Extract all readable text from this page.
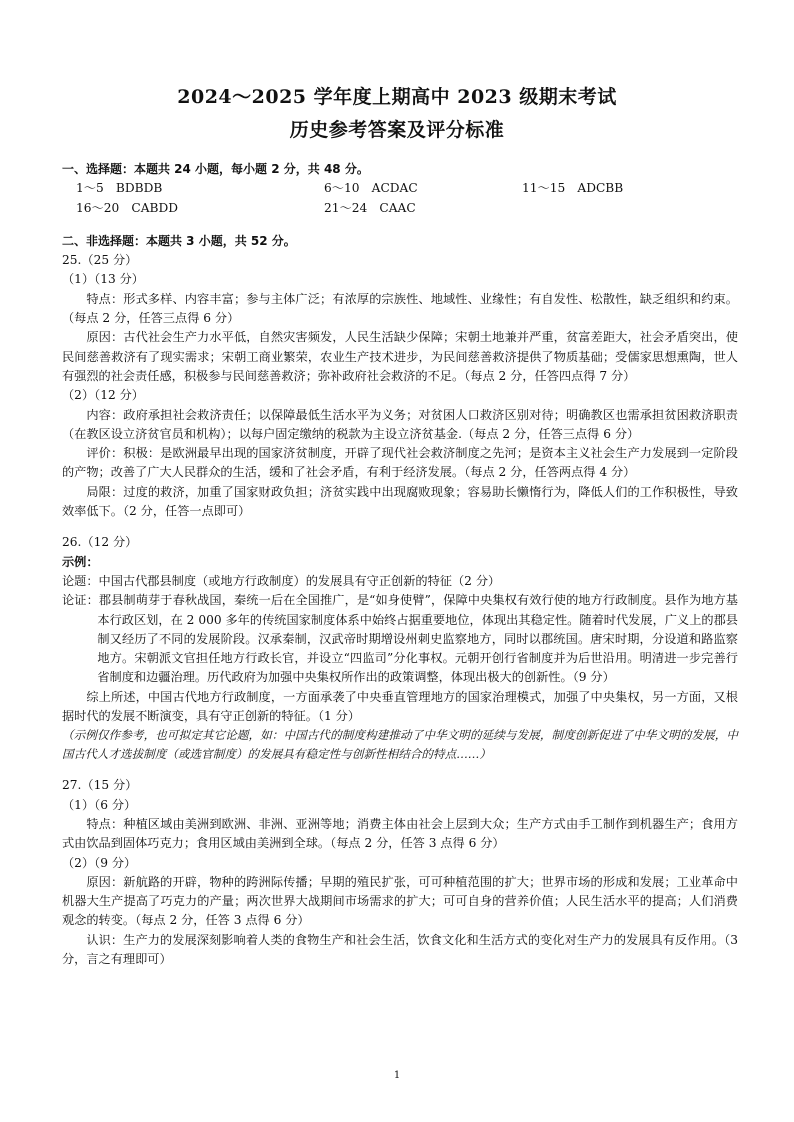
2024～2025 学年度上期高中 2023 级期末考试
历史参考答案及评分标准

一、选择题：本题共 24 小题，每小题 2 分，共 48 分。

1～5　BDBDB	6～10　ACDAC	11～15　ADCBB
16～20　CABDD	21～24　CAAC

二、非选择题：本题共 3 小题，共 52 分。

25.（25 分）

（1）（13 分）

特点：形式多样、内容丰富；参与主体广泛；有浓厚的宗族性、地域性、业缘性；有自发性、松散性，缺乏组织和约束。（每点 2 分，任答三点得 6 分）

原因：古代社会生产力水平低，自然灾害频发，人民生活缺少保障；宋朝土地兼并严重，贫富差距大，社会矛盾突出，使民间慈善救济有了现实需求；宋朝工商业繁荣，农业生产技术进步，为民间慈善救济提供了物质基础；受儒家思想熏陶，世人有强烈的社会责任感，积极参与民间慈善救济；弥补政府社会救济的不足。（每点 2 分，任答四点得 7 分）

（2）（12 分）

内容：政府承担社会救济责任；以保障最低生活水平为义务；对贫困人口救济区别对待；明确教区也需承担贫困救济职责（在教区设立济贫官员和机构）；以每户固定缴纳的税款为主设立济贫基金.（每点 2 分，任答三点得 6 分）

评价：积极：是欧洲最早出现的国家济贫制度，开辟了现代社会救济制度之先河；是资本主义社会生产力发展到一定阶段的产物；改善了广大人民群众的生活，缓和了社会矛盾，有利于经济发展。（每点 2 分，任答两点得 4 分）

局限：过度的救济，加重了国家财政负担；济贫实践中出现腐败现象；容易助长懒惰行为，降低人们的工作积极性，导致效率低下。（2 分，任答一点即可）

26.（12 分）

示例：

论题：中国古代郡县制度（或地方行政制度）的发展具有守正创新的特征（2 分）

论证：郡县制萌芽于春秋战国，秦统一后在全国推广，是“如身使臂”，保障中央集权有效行使的地方行政制度。县作为地方基本行政区划，在 2 000 多年的传统国家制度体系中始终占据重要地位，体现出其稳定性。随着时代发展，广义上的郡县制又经历了不同的发展阶段。汉承秦制，汉武帝时期增设州刺史监察地方，同时以郡统国。唐宋时期，分设道和路监察地方。宋朝派文官担任地方行政长官，并设立“四监司”分化事权。元朝开创行省制度并为后世沿用。明清进一步完善行省制度和边疆治理。历代政府为加强中央集权所作出的政策调整，体现出极大的创新性。（9 分）

综上所述，中国古代地方行政制度，一方面承袭了中央垂直管理地方的国家治理模式，加强了中央集权，另一方面，又根据时代的发展不断演变，具有守正创新的特征。（1 分）

（示例仅作参考，也可拟定其它论题，如：中国古代的制度构建推动了中华文明的延续与发展，制度创新促进了中华文明的发展，中国古代人才选拔制度（或选官制度）的发展具有稳定性与创新性相结合的特点……）

27.（15 分）

（1）（6 分）

特点：种植区域由美洲到欧洲、非洲、亚洲等地；消费主体由社会上层到大众；生产方式由手工制作到机器生产；食用方式由饮品到固体巧克力；食用区域由美洲到全球。（每点 2 分，任答 3 点得 6 分）

（2）（9 分）

原因：新航路的开辟，物种的跨洲际传播；早期的殖民扩张，可可种植范围的扩大；世界市场的形成和发展；工业革命中机器大生产提高了巧克力的产量；两次世界大战期间市场需求的扩大；可可自身的营养价值；人民生活水平的提高；人们消费观念的转变。（每点 2 分，任答 3 点得 6 分）

认识：生产力的发展深刻影响着人类的食物生产和社会生活，饮食文化和生活方式的变化对生产力的发展具有反作用。（3 分，言之有理即可）

1
